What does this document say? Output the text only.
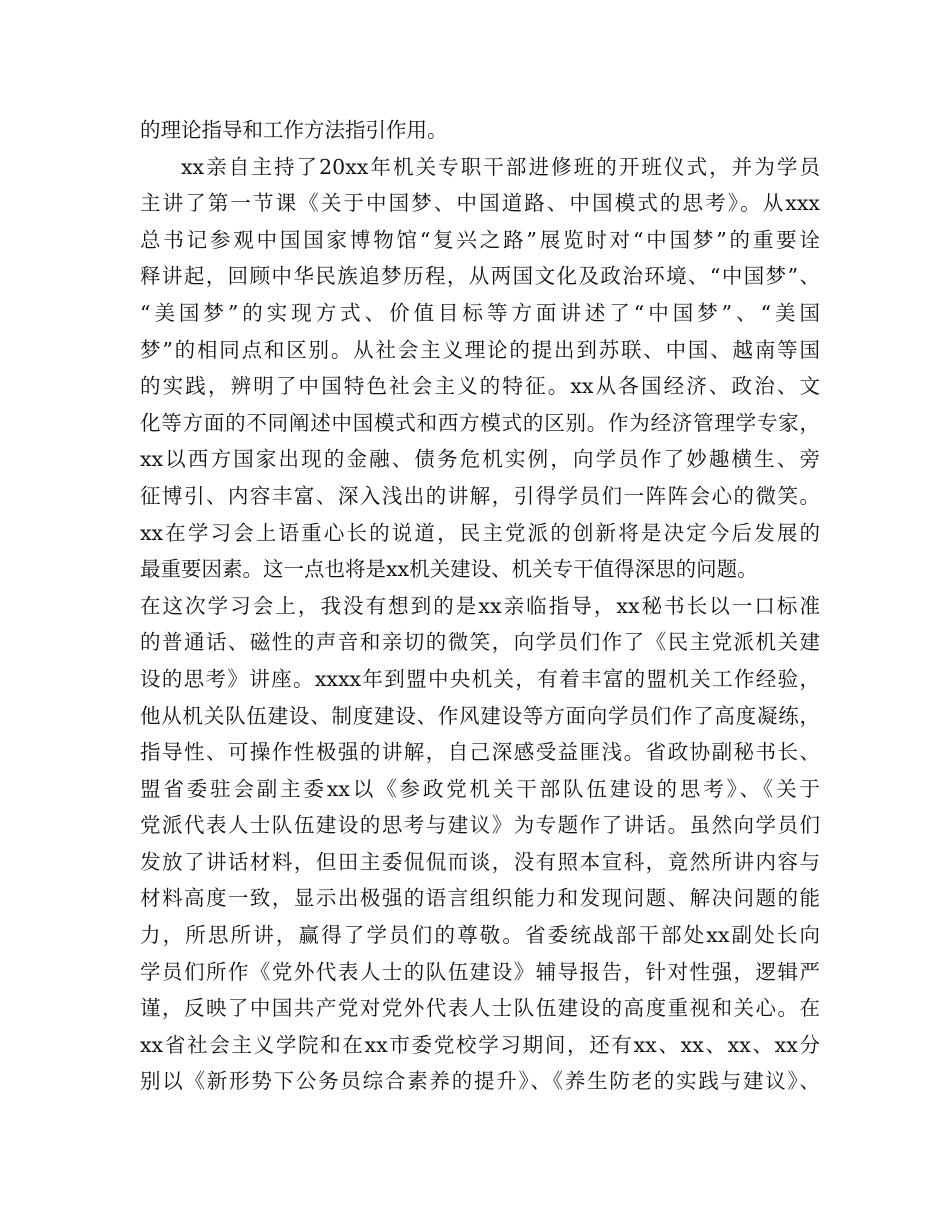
的理论指导和工作方法指引作用。
xx亲自主持了20xx年机关专职干部进修班的开班仪式，并为学员
主讲了第一节课《关于中国梦、中国道路、中国模式的思考》。从xxx
总书记参观中国国家博物馆“复兴之路”展览时对“中国梦”的重要诠
释讲起，回顾中华民族追梦历程，从两国文化及政治环境、“中国梦”、
“美国梦”的实现方式、价值目标等方面讲述了“中国梦”、“美国
梦”的相同点和区别。从社会主义理论的提出到苏联、中国、越南等国
的实践，辨明了中国特色社会主义的特征。xx从各国经济、政治、文
化等方面的不同阐述中国模式和西方模式的区别。作为经济管理学专家，
xx以西方国家出现的金融、债务危机实例，向学员作了妙趣横生、旁
征博引、内容丰富、深入浅出的讲解，引得学员们一阵阵会心的微笑。
xx在学习会上语重心长的说道，民主党派的创新将是决定今后发展的
最重要因素。这一点也将是xx机关建设、机关专干值得深思的问题。
在这次学习会上，我没有想到的是xx亲临指导，xx秘书长以一口标准
的普通话、磁性的声音和亲切的微笑，向学员们作了《民主党派机关建
设的思考》讲座。xxxx年到盟中央机关，有着丰富的盟机关工作经验，
他从机关队伍建设、制度建设、作风建设等方面向学员们作了高度凝练，
指导性、可操作性极强的讲解，自己深感受益匪浅。省政协副秘书长、
盟省委驻会副主委xx以《参政党机关干部队伍建设的思考》、《关于
党派代表人士队伍建设的思考与建议》为专题作了讲话。虽然向学员们
发放了讲话材料，但田主委侃侃而谈，没有照本宣科，竟然所讲内容与
材料高度一致，显示出极强的语言组织能力和发现问题、解决问题的能
力，所思所讲，赢得了学员们的尊敬。省委统战部干部处xx副处长向
学员们所作《党外代表人士的队伍建设》辅导报告，针对性强，逻辑严
谨，反映了中国共产党对党外代表人士队伍建设的高度重视和关心。在
xx省社会主义学院和在xx市委党校学习期间，还有xx、xx、xx、xx分
别以《新形势下公务员综合素养的提升》、《养生防老的实践与建议》、
